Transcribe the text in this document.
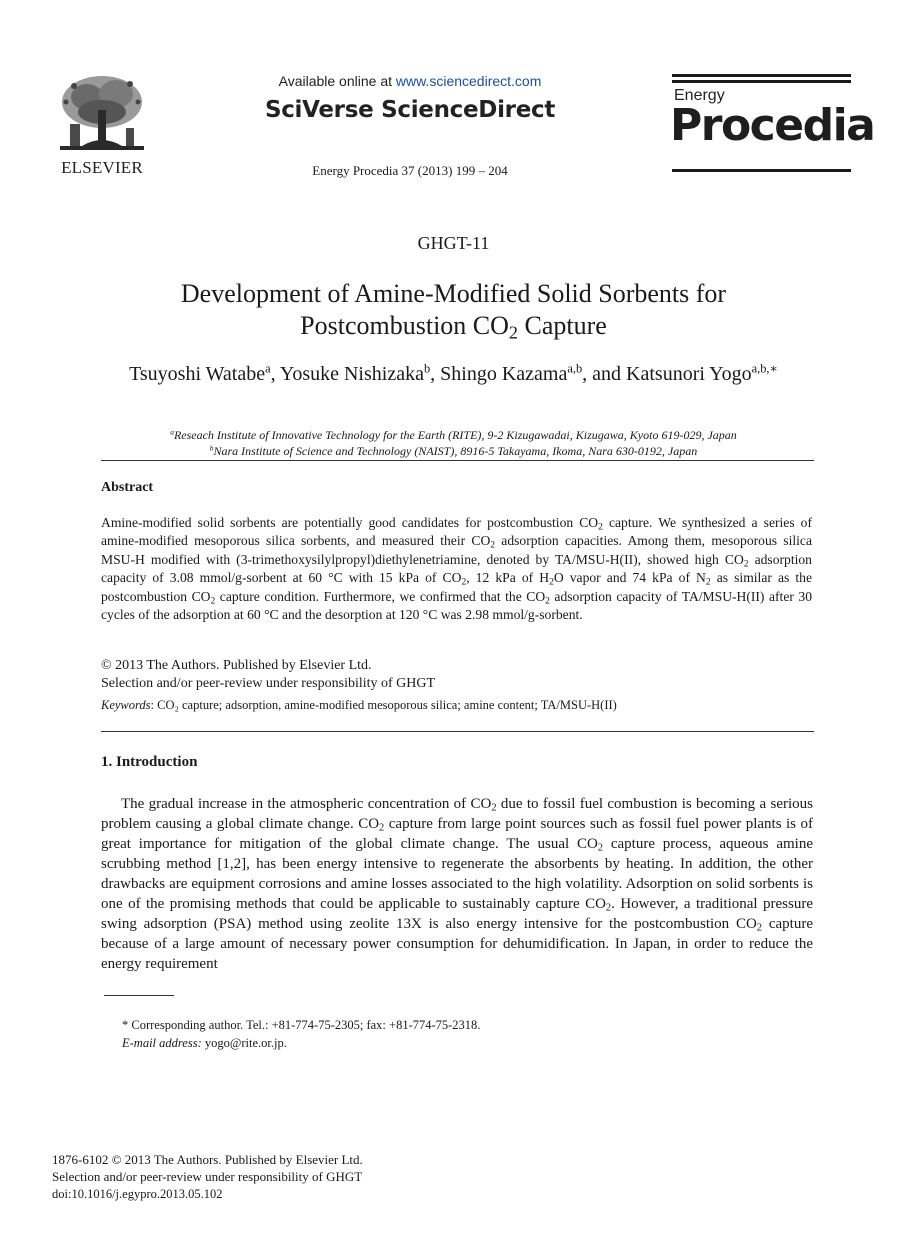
ELSEVIER
Available online at www.sciencedirect.com
SciVerse ScienceDirect
Energy Procedia 37 (2013) 199 – 204
Energy
Procedia
GHGT-11
Development of Amine-Modified Solid Sorbents for
Postcombustion $CO_2$ Capture
Tsuyoshi Watabe$^a$, Yosuke Nishizaka$^b$, Shingo Kazama$^{a,b}$, and Katsunori Yogo$^{a,b,∗}$
$^a$Reseach Institute of Innovative Technology for the Earth (RITE), 9-2 Kizugawadai, Kizugawa, Kyoto 619-029, Japan
$^b$Nara Institute of Science and Technology (NAIST), 8916-5 Takayama, Ikoma, Nara 630-0192, Japan
Abstract
Amine-modified solid sorbents are potentially good candidates for postcombustion $CO_2$ capture. We synthesized a series of amine-modified mesoporous silica sorbents, and measured their $CO_2$ adsorption capacities. Among them, mesoporous silica MSU-H modified with (3-trimethoxysilylpropyl)diethylenetriamine, denoted by TA/MSU-H(II), showed high $CO_2$ adsorption capacity of 3.08 mmol/g-sorbent at 60 °C with 15 kPa of $CO_2$, 12 kPa of $H_2O$ vapor and 74 kPa of $N_2$ as similar as the postcombustion $CO_2$ capture condition. Furthermore, we confirmed that the $CO_2$ adsorption capacity of TA/MSU-H(II) after 30 cycles of the adsorption at 60 °C and the desorption at 120 °C was 2.98 mmol/g-sorbent.
© 2013 The Authors. Published by Elsevier Ltd.
Selection and/or peer-review under responsibility of GHGT
Keywords: CO₂ capture; adsorption, amine-modified mesoporous silica; amine content; TA/MSU-H(II)
1. Introduction
The gradual increase in the atmospheric concentration of $CO_2$ due to fossil fuel combustion is becoming a serious problem causing a global climate change. $CO_2$ capture from large point sources such as fossil fuel power plants is of great importance for mitigation of the global climate change. The usual $CO_2$ capture process, aqueous amine scrubbing method [1,2], has been energy intensive to regenerate the absorbents by heating. In addition, the other drawbacks are equipment corrosions and amine losses associated to the high volatility. Adsorption on solid sorbents is one of the promising methods that could be applicable to sustainably capture $CO_2$. However, a traditional pressure swing adsorption (PSA) method using zeolite 13X is also energy intensive for the postcombustion $CO_2$ capture because of a large amount of necessary power consumption for dehumidification. In Japan, in order to reduce the energy requirement
* Corresponding author. Tel.: +81-774-75-2305; fax: +81-774-75-2318.
E-mail address: yogo@rite.or.jp.
1876-6102 © 2013 The Authors. Published by Elsevier Ltd.
Selection and/or peer-review under responsibility of GHGT
doi:10.1016/j.egypro.2013.05.102
